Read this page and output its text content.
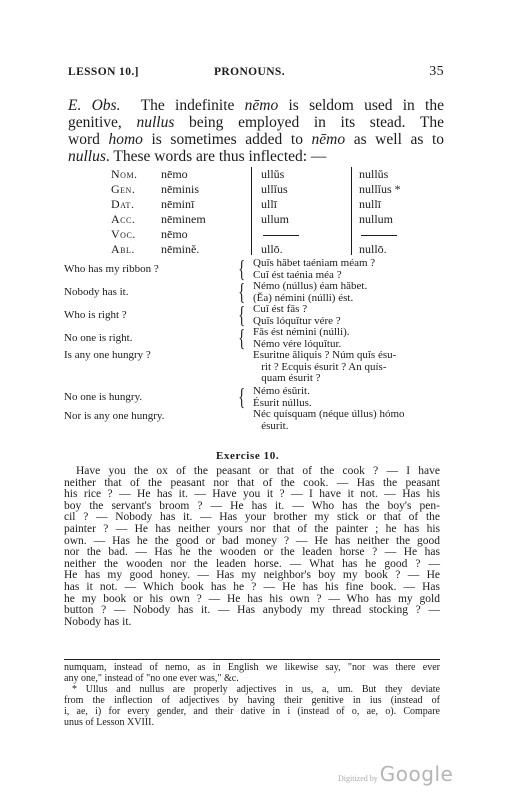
LESSON 10.]	PRONOUNS.	35

E. Obs. The indefinite nēmo is seldom used in the

genitive, nullus being employed in its stead. The

word homo is sometimes added to nēmo as well as to

nullus. These words are thus inflected: —

Nom. nēmo	ullŭs	nullŭs
Gen. nēminis	ullĭus	nullĭus *
Dat. nēminī	ullī	nullī
Acc. nēminem	ullum	nullum
Voc. nēmo
Abl. nēminĕ.	ullō.	nullō.
Who has my ribbon ?	{ Quĭs hăbet taéniam méam ?
Cuĭ ést taénia méa ?
Nobody has it.	{ Némo (núllus) éam hăbet.
(Ĕa) némini (núlli) ést.
Who is right ?	{ Cuĭ ést fās ?
Quĭs lóquĭtur vére ?
No one is right.	{ Fās ést némini (núlli).
Némo vére lóquĭtur.
Is any one hungry ?	Esuritne ăliquis ? Núm quĭs ésu-
rit ? Ecquis ésurit ? An quís-
quam ésurit ?
No one is hungry.	{ Némo ésŭrit.
Ésurit núllus.
Nor is any one hungry.	Néc quísquam (néque úllus) hómo
ésurit.
Exercise 10.

Have you the ox of the peasant or that of the cook ? — I have

neither that of the peasant nor that of the cook. — Has the peasant

his rice ? — He has it. — Have you it ? — I have it not. — Has his

boy the servant's broom ? — He has it. — Who has the boy's pen-

cil ? — Nobody has it. — Has your brother my stick or that of the

painter ? — He has neither yours nor that of the painter ; he has his

own. — Has he the good or bad money ? — He has neither the good

nor the bad. — Has he the wooden or the leaden horse ? — He has

neither the wooden nor the leaden horse. — What has he good ? —

He has my good honey. — Has my neighbor's boy my book ? — He

has it not. — Which book has he ? — He has his fine book. — Has

he my book or his own ? — He has his own ? — Who has my gold

button ? — Nobody has it. — Has anybody my thread stocking ? —

Nobody has it.

numquam, instead of nemo, as in English we likewise say, "nor was there ever

any one," instead of "no one ever was," &c.

* Ullus and nullus are properly adjectives in us, a, um. But they deviate

from the inflection of adjectives by having their genitive in ius (instead of

i, ae, i) for every gender, and their dative in i (instead of o, ae, o). Compare

unus of Lesson XVIII.

Digitized by Google
